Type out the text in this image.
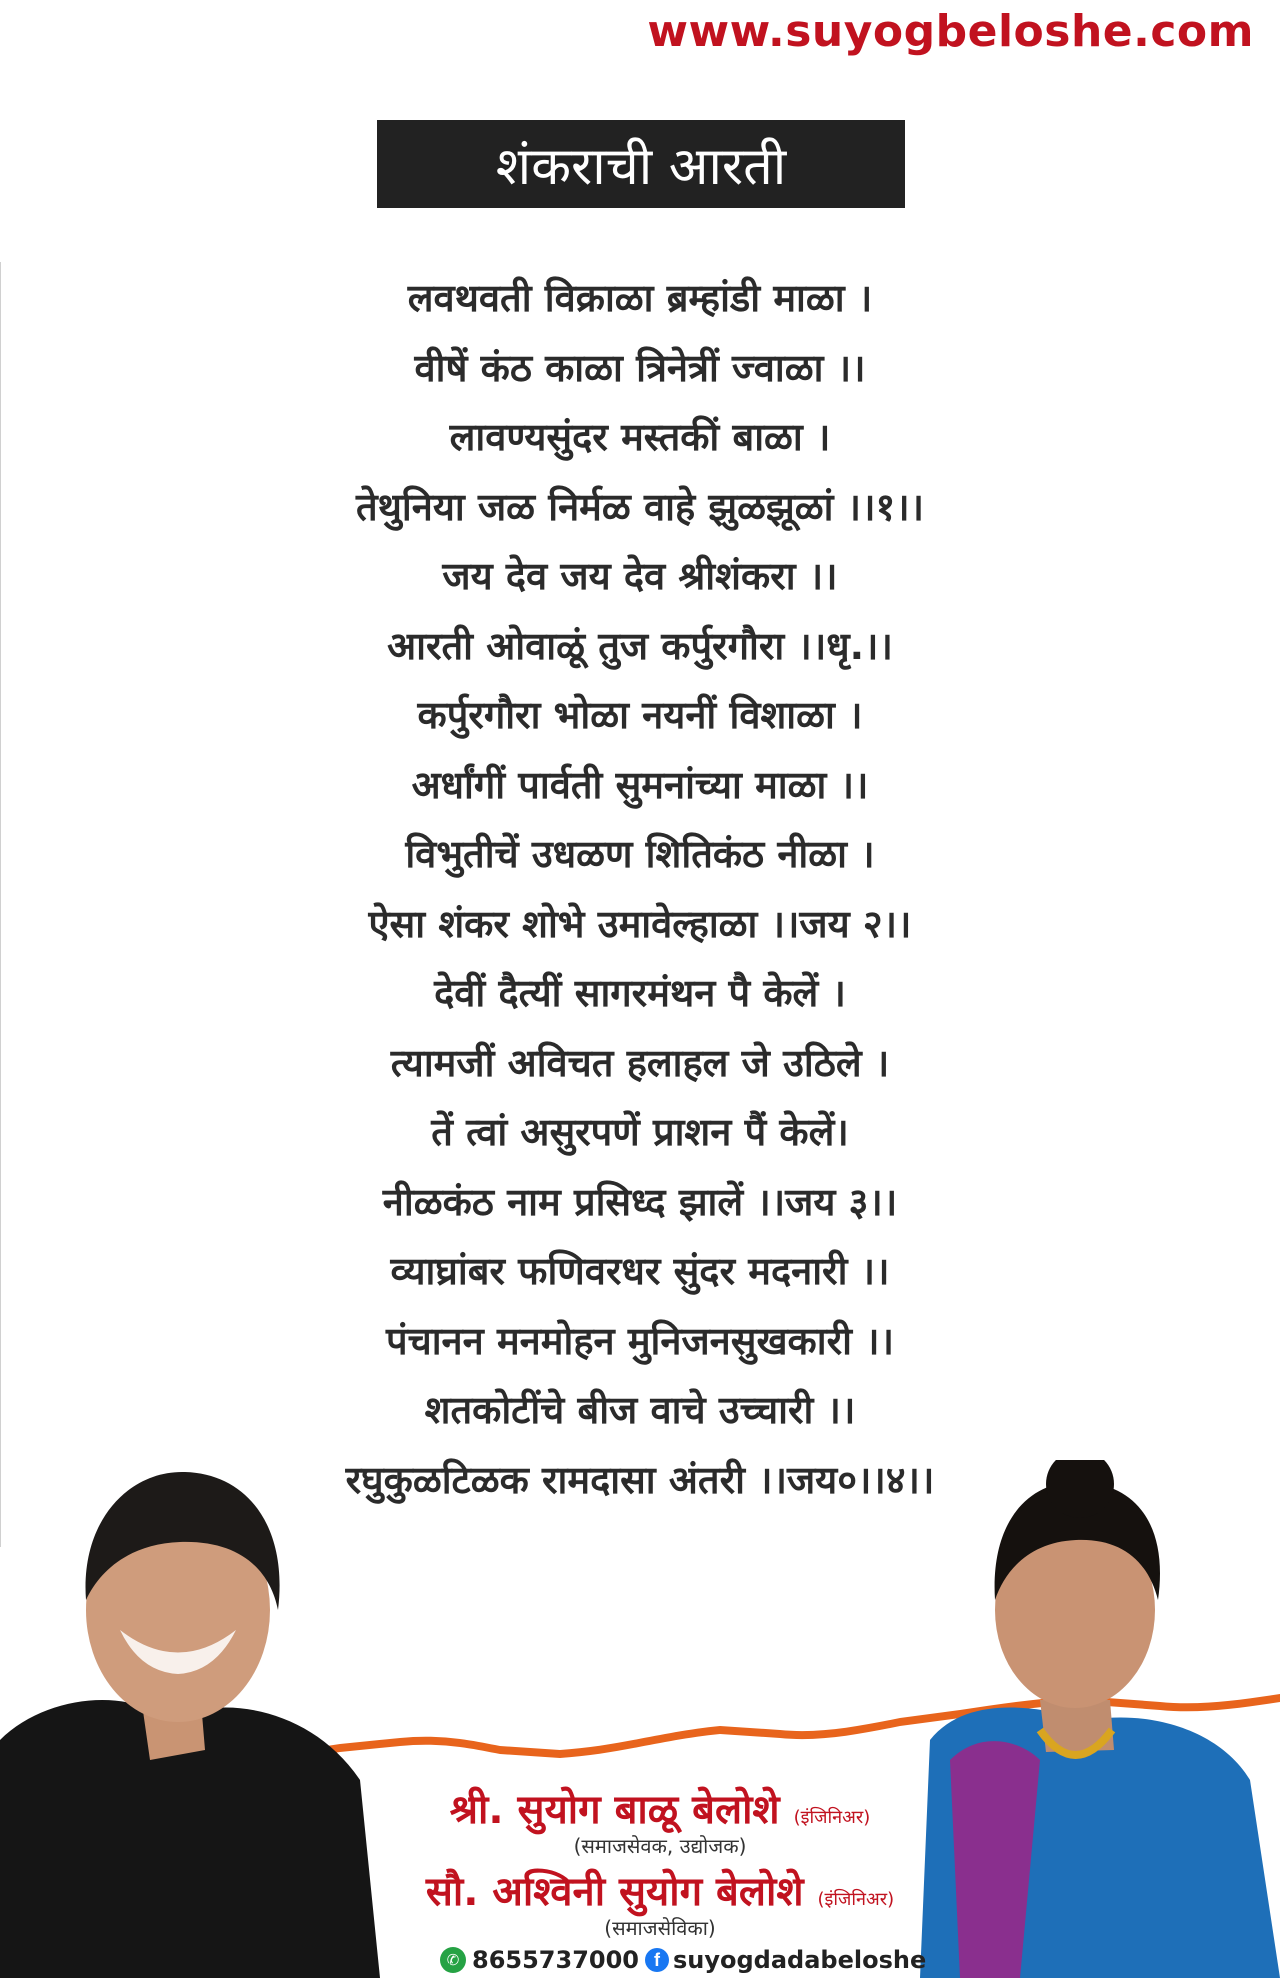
www.suyogbeloshe.com
शंकराची आरती
लवथवती विक्राळा ब्रम्हांडी माळा ।
वीषें कंठ काळा त्रिनेत्रीं ज्वाळा ।।
लावण्यसुंदर मस्तकीं बाळा ।
तेथुनिया जळ निर्मळ वाहे झुळझूळां ।।१।।
जय देव जय देव श्रीशंकरा ।।
आरती ओवाळूं तुज कर्पुरगौरा ।।धृ.।।
कर्पुरगौरा भोळा नयनीं विशाळा ।
अर्धांगीं पार्वती सुमनांच्या माळा ।।
विभुतीचें उधळण शितिकंठ नीळा ।
ऐसा शंकर शोभे उमावेल्हाळा ।।जय २।।
देवीं दैत्यीं सागरमंथन पै केलें ।
त्यामजीं अविचत हलाहल जे उठिले ।
तें त्वां असुरपणें प्राशन पैं केलें।
नीळकंठ नाम प्रसिध्द झालें ।।जय ३।।
व्याघ्रांबर फणिवरधर सुंदर मदनारी ।।
पंचानन मनमोहन मुनिजनसुखकारी ।।
शतकोटींचे बीज वाचे उच्चारी ।।
रघुकुळटिळक रामदासा अंतरी ।।जय०।।४।।
श्री. सुयोग बाळू बेलोशे (इंजिनिअर)
(समाजसेवक, उद्योजक)
सौ. अश्विनी सुयोग बेलोशे (इंजिनिअर)
(समाजसेविका)
✆ 8655737000 f suyogdadabeloshe
